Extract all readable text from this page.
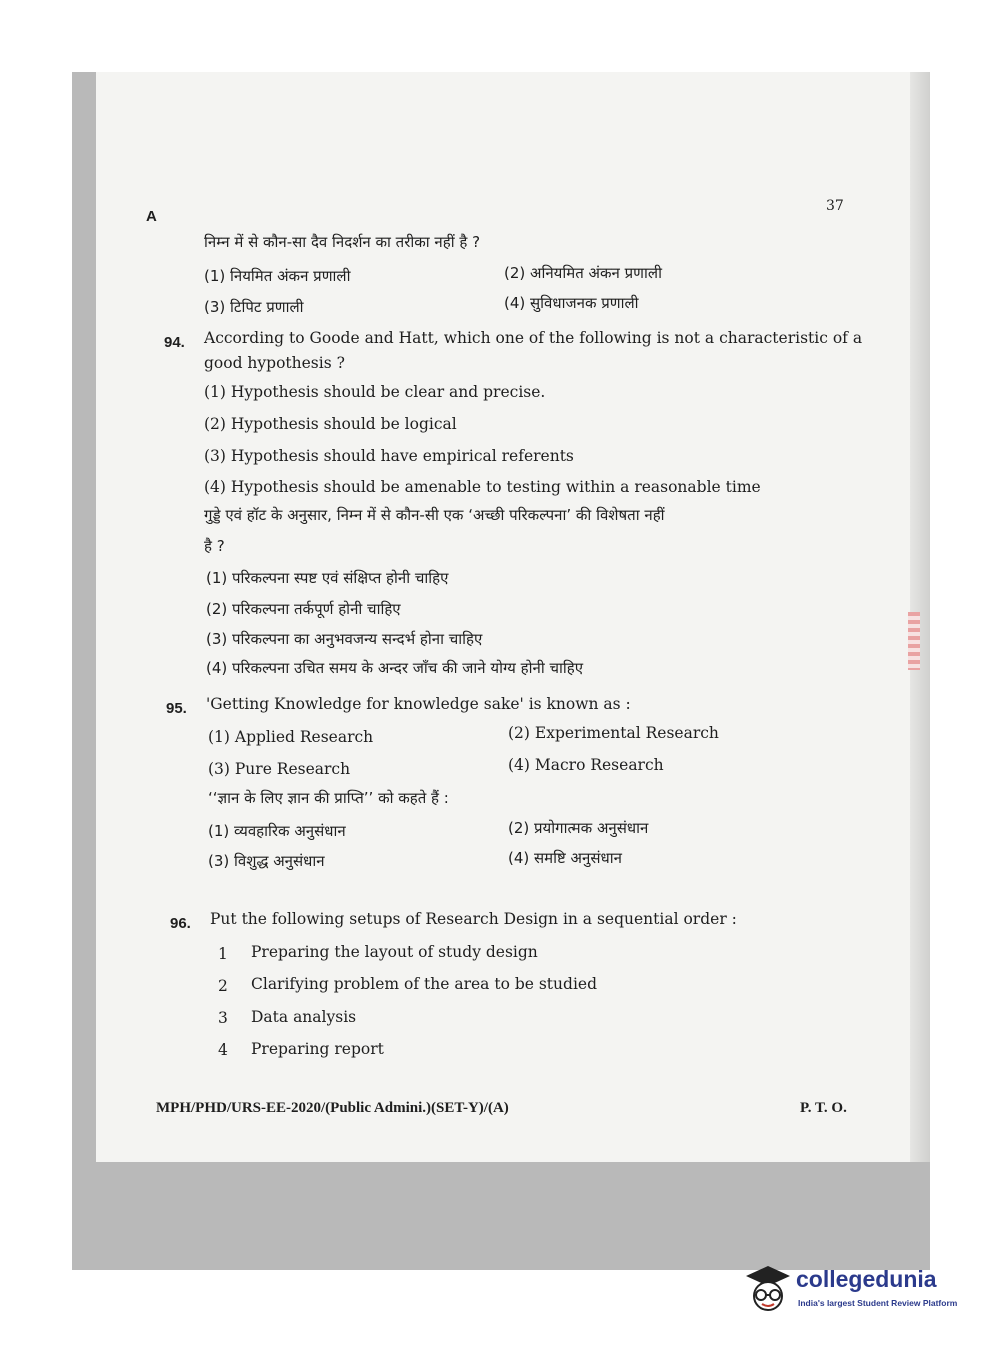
A
37
निम्न में से कौन-सा दैव निदर्शन का तरीका नहीं है ?
(1) नियमित अंकन प्रणाली	(2) अनियमित अंकन प्रणाली
(3) टिपिट प्रणाली	(4) सुविधाजनक प्रणाली
94. According to Goode and Hatt, which one of the following is not a characteristic of a
good hypothesis ?
(1) Hypothesis should be clear and precise.
(2) Hypothesis should be logical
(3) Hypothesis should have empirical referents
(4) Hypothesis should be amenable to testing within a reasonable time
गुड्डे एवं हॉट के अनुसार, निम्न में से कौन-सी एक ‘अच्छी परिकल्पना’ की विशेषता नहीं
है ?
(1) परिकल्पना स्पष्ट एवं संक्षिप्त होनी चाहिए
(2) परिकल्पना तर्कपूर्ण होनी चाहिए
(3) परिकल्पना का अनुभवजन्य सन्दर्भ होना चाहिए
(4) परिकल्पना उचित समय के अन्दर जाँच की जाने योग्य होनी चाहिए
95. 'Getting Knowledge for knowledge sake' is known as :
(1) Applied Research	(2) Experimental Research
(3) Pure Research	(4) Macro Research
‘‘ज्ञान के लिए ज्ञान की प्राप्ति’’ को कहते हैं :
(1) व्यवहारिक अनुसंधान	(2) प्रयोगात्मक अनुसंधान
(3) विशुद्ध अनुसंधान	(4) समष्टि अनुसंधान
96. Put the following setups of Research Design in a sequential order :
1 Preparing the layout of study design
2 Clarifying problem of the area to be studied
3 Data analysis
4 Preparing report
MPH/PHD/URS-EE-2020/(Public Admini.)(SET-Y)/(A)	P. T. O.
collegedunia
India's largest Student Review Platform
